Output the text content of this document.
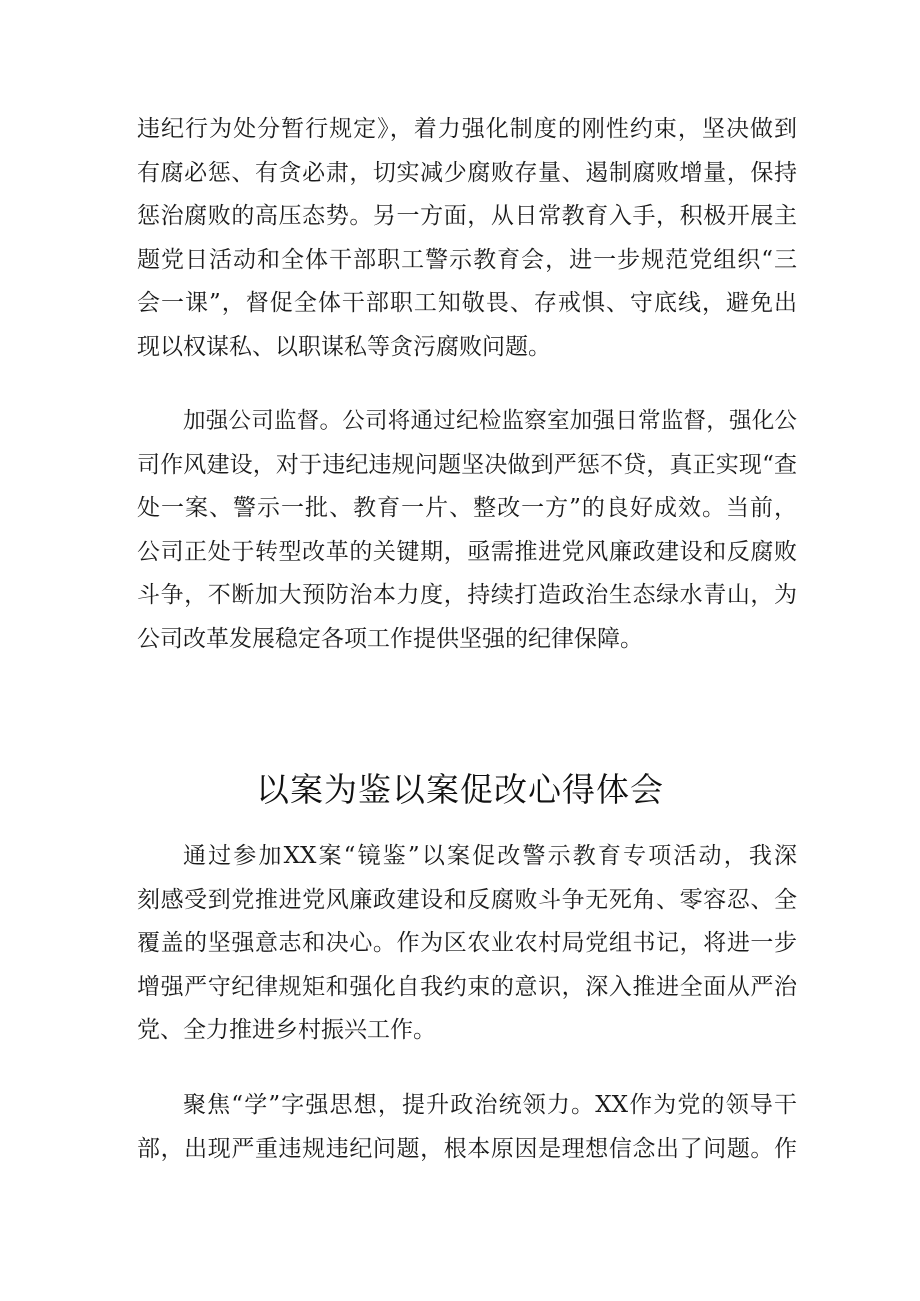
违纪行为处分暂行规定》，着力强化制度的刚性约束，坚决做到
有腐必惩、有贪必肃，切实减少腐败存量、遏制腐败增量，保持
惩治腐败的高压态势。另一方面，从日常教育入手，积极开展主
题党日活动和全体干部职工警示教育会，进一步规范党组织“三
会一课”，督促全体干部职工知敬畏、存戒惧、守底线，避免出
现以权谋私、以职谋私等贪污腐败问题。
加强公司监督。公司将通过纪检监察室加强日常监督，强化公
司作风建设，对于违纪违规问题坚决做到严惩不贷，真正实现“查
处一案、警示一批、教育一片、整改一方”的良好成效。当前，
公司正处于转型改革的关键期，亟需推进党风廉政建设和反腐败
斗争，不断加大预防治本力度，持续打造政治生态绿水青山，为
公司改革发展稳定各项工作提供坚强的纪律保障。
以案为鉴以案促改心得体会
通过参加XX案“镜鉴”以案促改警示教育专项活动，我深
刻感受到党推进党风廉政建设和反腐败斗争无死角、零容忍、全
覆盖的坚强意志和决心。作为区农业农村局党组书记，将进一步
增强严守纪律规矩和强化自我约束的意识，深入推进全面从严治
党、全力推进乡村振兴工作。
聚焦“学”字强思想，提升政治统领力。XX作为党的领导干
部，出现严重违规违纪问题，根本原因是理想信念出了问题。作
